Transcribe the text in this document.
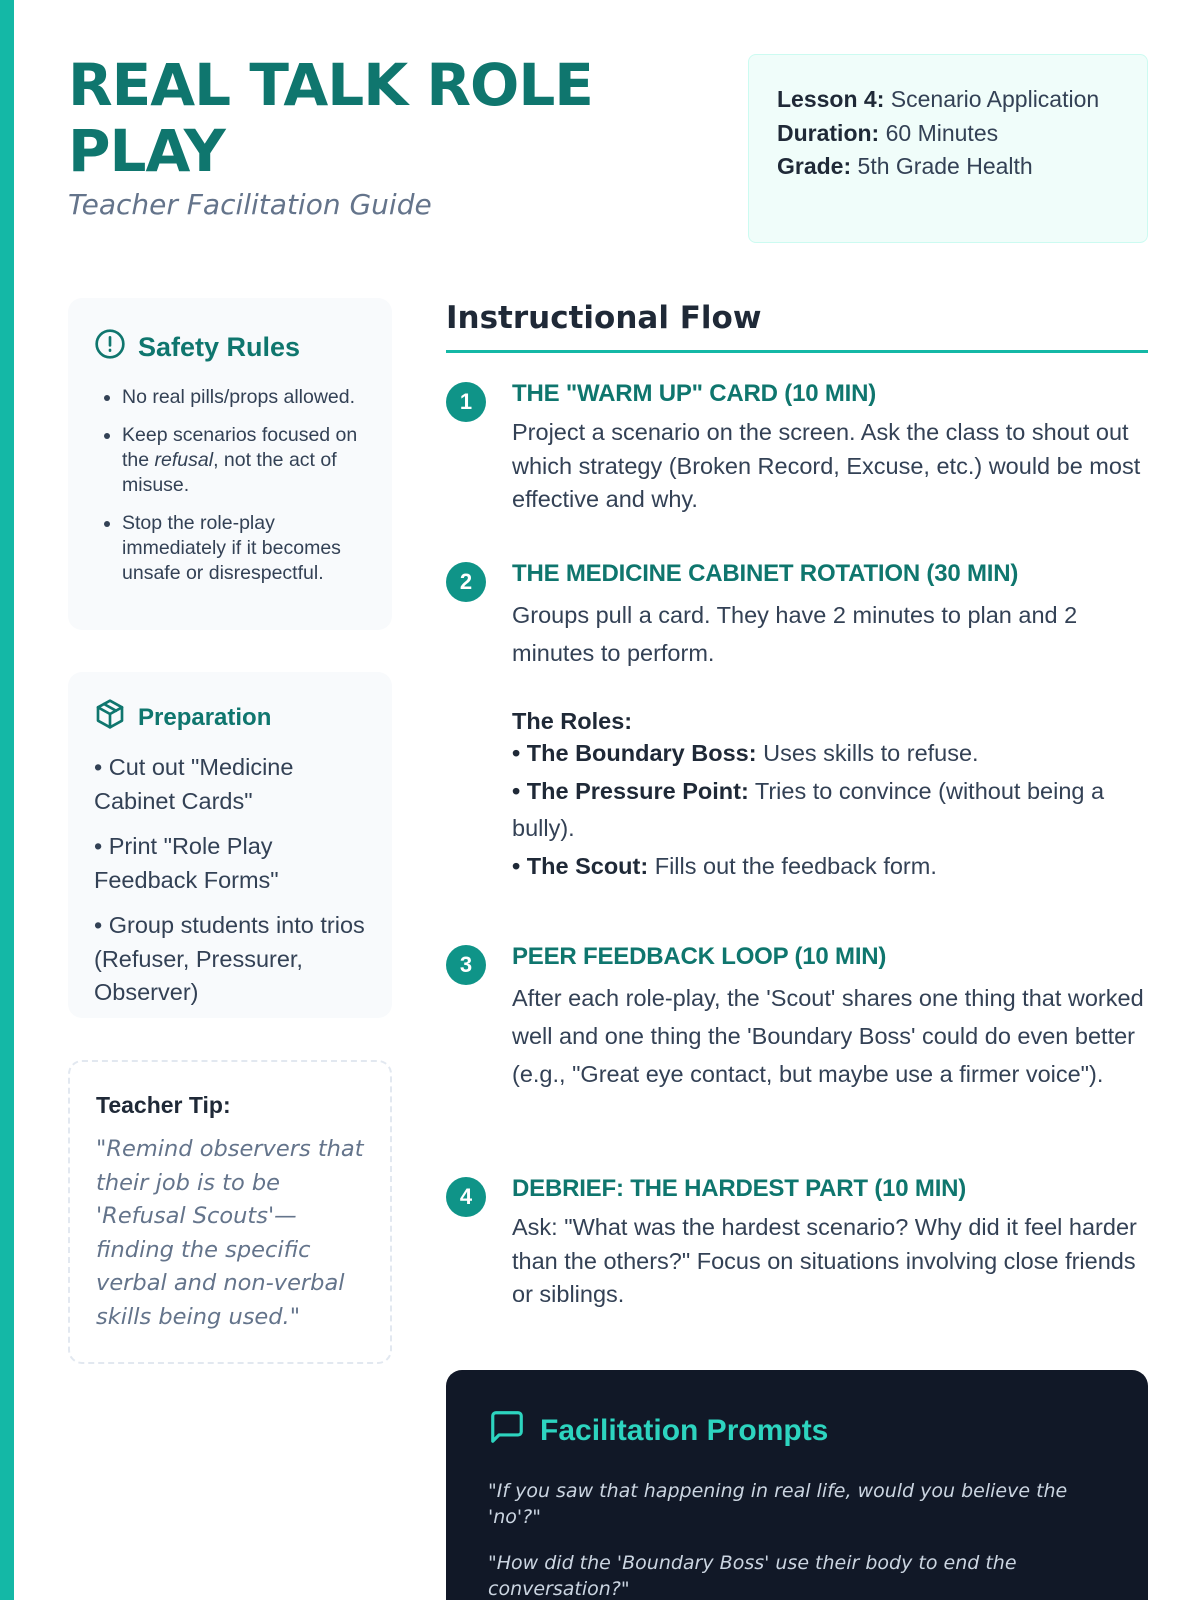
REAL TALK ROLE
PLAY
Teacher Facilitation Guide
Lesson 4: Scenario Application
Duration: 60 Minutes
Grade: 5th Grade Health
Safety Rules
• No real pills/props allowed.
• Keep scenarios focused on the refusal, not the act of misuse.
• Stop the role-play immediately if it becomes unsafe or disrespectful.
Preparation
• Cut out "Medicine Cabinet Cards"
• Print "Role Play Feedback Forms"
• Group students into trios (Refuser, Pressurer, Observer)
Teacher Tip:
"Remind observers that their job is to be 'Refusal Scouts'—finding the specific verbal and non-verbal skills being used."
Instructional Flow
1	THE "WARM UP" CARD (10 MIN)
Project a scenario on the screen. Ask the class to shout out which strategy (Broken Record, Excuse, etc.) would be most effective and why.
2	THE MEDICINE CABINET ROTATION (30 MIN)
Groups pull a card. They have 2 minutes to plan and 2 minutes to perform.
The Roles:
• The Boundary Boss: Uses skills to refuse.
• The Pressure Point: Tries to convince (without being a bully).
• The Scout: Fills out the feedback form.
3	PEER FEEDBACK LOOP (10 MIN)
After each role-play, the 'Scout' shares one thing that worked well and one thing the 'Boundary Boss' could do even better (e.g., "Great eye contact, but maybe use a firmer voice").
4	DEBRIEF: THE HARDEST PART (10 MIN)
Ask: "What was the hardest scenario? Why did it feel harder than the others?" Focus on situations involving close friends or siblings.
Facilitation Prompts
"If you saw that happening in real life, would you believe the 'no'?"
"How did the 'Boundary Boss' use their body to end the conversation?"
